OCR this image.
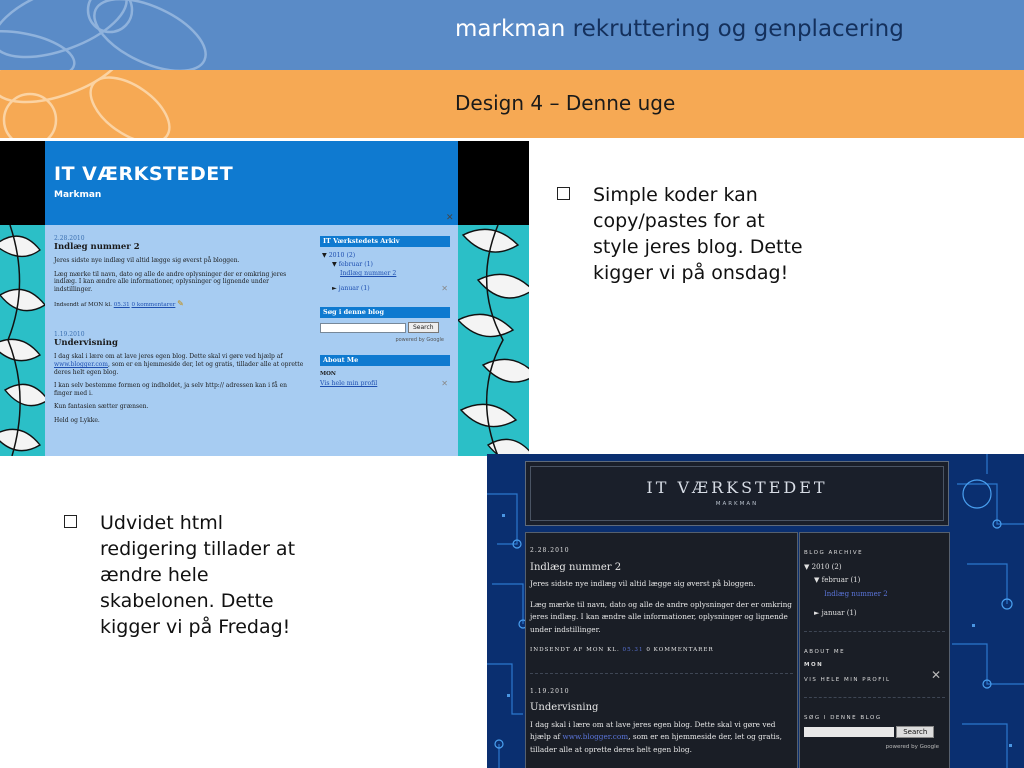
markman rekruttering og genplacering
Design 4 – Denne uge
IT VÆRKSTEDET
Markman
✕
2.28.2010
Indlæg nummer 2
Jeres sidste nye indlæg vil altid lægge sig øverst på bloggen.
Læg mærke til navn, dato og alle de andre oplysninger der er omkring jeres indlæg. I kan ændre alle informationer, oplysninger og lignende under indstillinger.
Indsendt af MON kl. 05.31 0 kommentarer ✎
1.19.2010
Undervisning
I dag skal i lære om at lave jeres egen blog. Dette skal vi gøre ved hjælp af www.blogger.com, som er en hjemmeside der, let og gratis, tillader alle at oprette deres helt egen blog.
I kan selv bestemme formen og indholdet, ja selv http:// adressen kan i få en finger med i.
Kun fantasien sætter grænsen.
Held og Lykke.
IT Værkstedets Arkiv
▼ 2010 (2)
▼ februar (1)
Indlæg nummer 2
► januar (1)	✕
Søg i denne blog
Search
powered by Google
About Me
MON
Vis hele min profil	✕
Simple koder kan copy/pastes for at style jeres blog. Dette kigger vi på onsdag!
Udvidet html redigering tillader at ændre hele skabelonen. Dette kigger vi på Fredag!
IT VÆRKSTEDET
MARKMAN
2.28.2010
Indlæg nummer 2
Jeres sidste nye indlæg vil altid lægge sig øverst på bloggen.
Læg mærke til navn, dato og alle de andre oplysninger der er omkring jeres indlæg. I kan ændre alle informationer, oplysninger og lignende under indstillinger.
INDSENDT AF MON KL. 05.31 0 KOMMENTARER
1.19.2010
Undervisning
I dag skal i lære om at lave jeres egen blog. Dette skal vi gøre ved hjælp af www.blogger.com, som er en hjemmeside der, let og gratis, tillader alle at oprette deres helt egen blog.
BLOG ARCHIVE
▼ 2010 (2)
▼ februar (1)
Indlæg nummer 2
► januar (1)
ABOUT ME
MON
VIS HELE MIN PROFIL	✕
SØG I DENNE BLOG
Search
powered by Google
